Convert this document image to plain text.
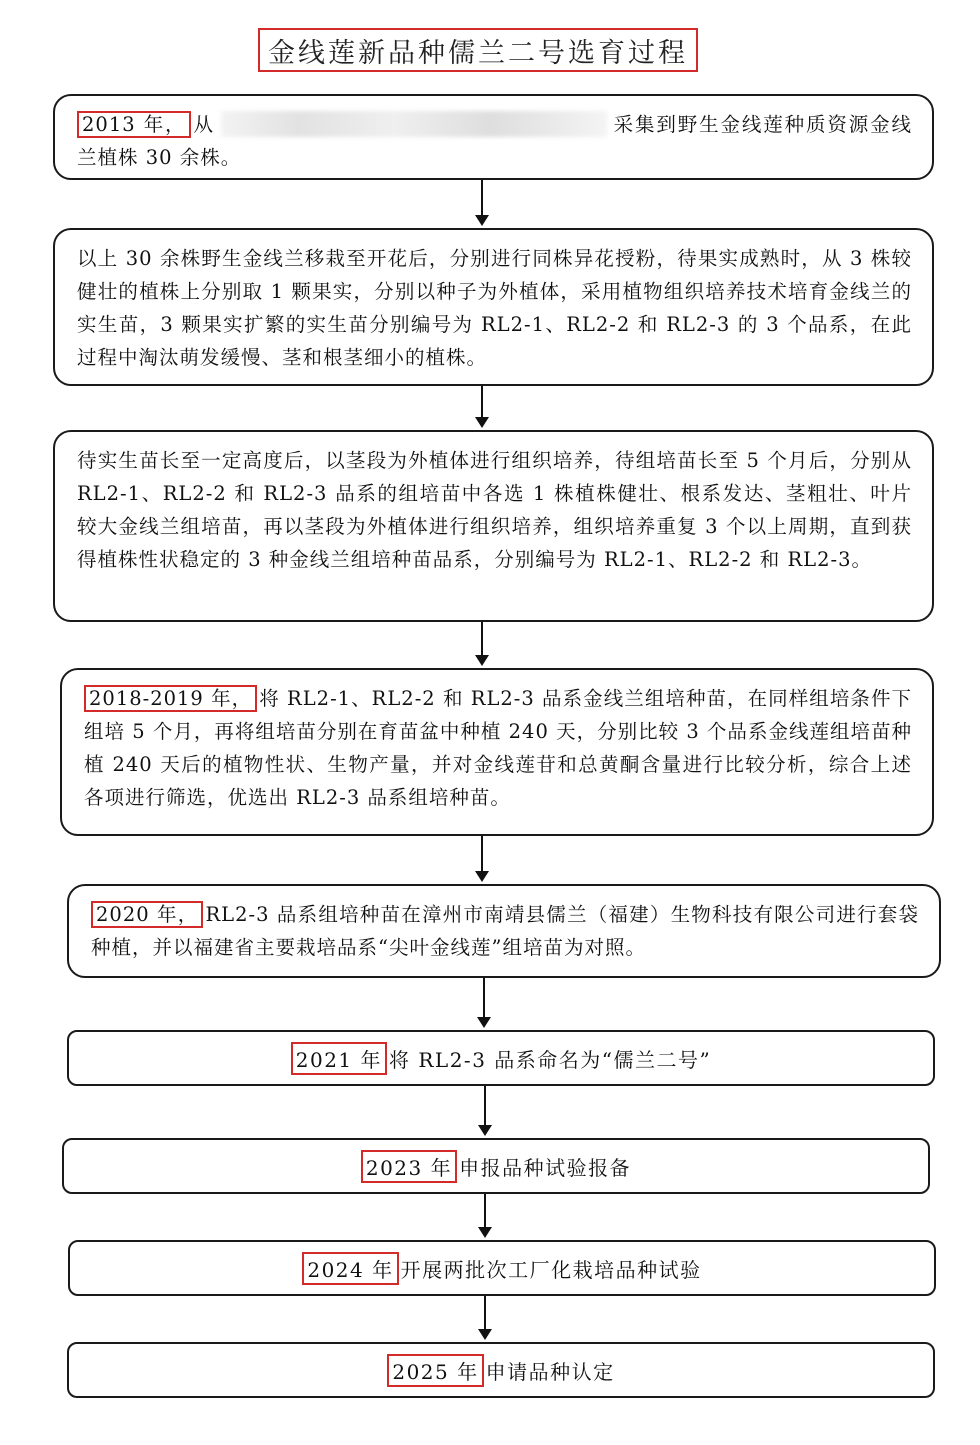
金线莲新品种儒兰二号选育过程
2013 年， 从	采集到野生金线莲种质资源金线兰植株 30 余株。
以上 30 余株野生金线兰移栽至开花后，分别进行同株异花授粉，待果实成熟时，从 3 株较健壮的植株上分别取 1 颗果实，分别以种子为外植体，采用植物组织培养技术培育金线兰的实生苗，3 颗果实扩繁的实生苗分别编号为 RL2-1、RL2-2 和 RL2-3 的 3 个品系，在此过程中淘汰萌发缓慢、茎和根茎细小的植株。
待实生苗长至一定高度后，以茎段为外植体进行组织培养，待组培苗长至 5 个月后，分别从 RL2-1、RL2-2 和 RL2-3 品系的组培苗中各选 1 株植株健壮、根系发达、茎粗壮、叶片较大金线兰组培苗，再以茎段为外植体进行组织培养，组织培养重复 3 个以上周期，直到获得植株性状稳定的 3 种金线兰组培种苗品系，分别编号为 RL2-1、RL2-2 和 RL2-3。
2018-2019 年， 将 RL2-1、RL2-2 和 RL2-3 品系金线兰组培种苗，在同样组培条件下组培 5 个月，再将组培苗分别在育苗盆中种植 240 天，分别比较 3 个品系金线莲组培苗种植 240 天后的植物性状、生物产量，并对金线莲苷和总黄酮含量进行比较分析，综合上述各项进行筛选，优选出 RL2-3 品系组培种苗。
2020 年， RL2-3 品系组培种苗在漳州市南靖县儒兰（福建）生物科技有限公司进行套袋种植，并以福建省主要栽培品系“尖叶金线莲”组培苗为对照。
2021 年 将 RL2-3 品系命名为“儒兰二号”
2023 年 申报品种试验报备
2024 年 开展两批次工厂化栽培品种试验
2025 年 申请品种认定
